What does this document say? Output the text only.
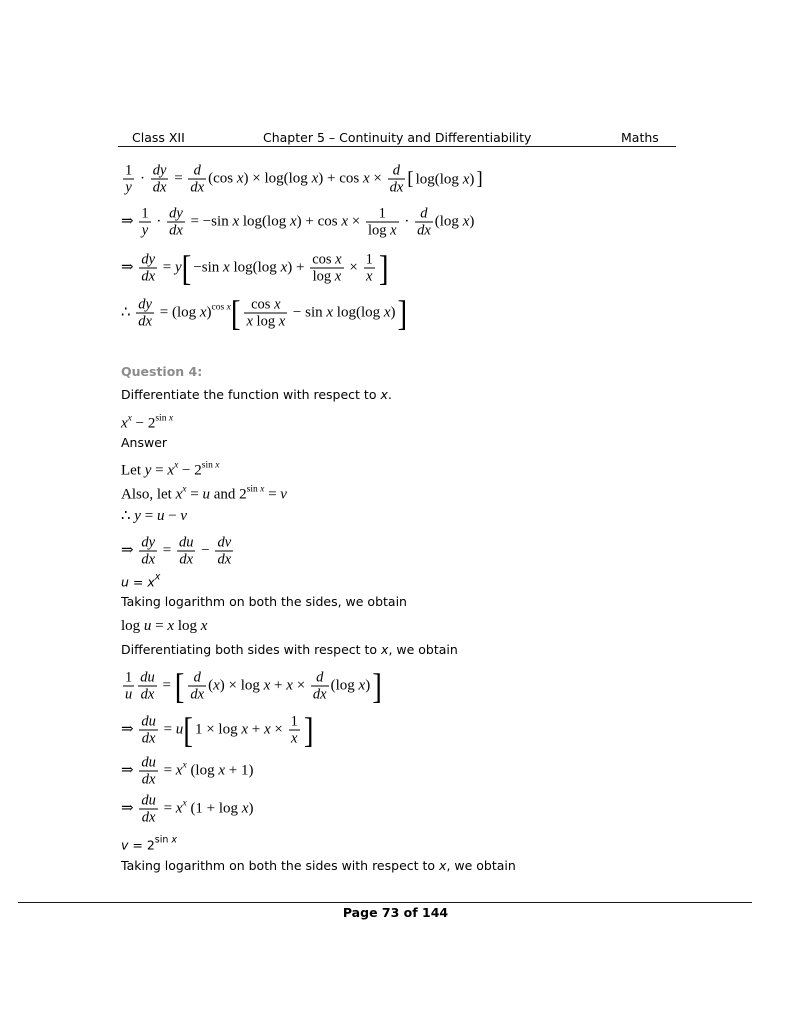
Class XII	Chapter 5 – Continuity and Differentiability	Maths
$\frac{1}{y} \cdot \frac{dy}{dx} = \frac{d}{dx} (\cos$ x) × log(log $x) + \cos x \times \frac{d}{dx}$ [ log(log x) ]
⇒ $\frac{1}{y} \cdot \frac{dy}{dx} = -\sin$ x log(log $x) + \cos x \times \frac{1}{\text{log x}} \cdot \frac{d}{dx} (\log$ x)
⇒ $\frac{dy}{dx} = y[ -\sin$ x log(log $x) + \frac{\text{cos x}}{\text{log x}} \times \frac{1}{x}$ ]
∴ $\frac{dy}{dx} = (\log$ $x)^{cos x}[ \frac{\text{cos x}}{\text{x log x}} - \sin x$ log(log x)]
Question 4:
Differentiate the function with respect to x.
$x^x - 2^{sin x}$
Answer
Let $y = x^x - 2^{sin x}$
Also, let $x^x = u$ and $2^{sin x} = v$
∴ y = u − v
⇒ $\frac{dy}{dx} = \frac{du}{dx} - \frac{dv}{dx}$
$u = x^x$
Taking logarithm on both the sides, we obtain
log u = x log x
Differentiating both sides with respect to x, we obtain
$\frac{1}{u} \frac{du}{dx}$ = [ $\frac{d}{dx} (x) \times \log x + x \times \frac{d}{dx} (\log$ x)]
⇒ $\frac{du}{dx} = u$[ $1 \times \log x + x \times \frac{1}{x}$ ]
⇒ $\frac{du}{dx} = x^x$ (log x + 1)
⇒ $\frac{du}{dx} = x^x$ (1 + log x)
$v = 2^{sin x}$
Taking logarithm on both the sides with respect to x, we obtain
Page 73 of 144
